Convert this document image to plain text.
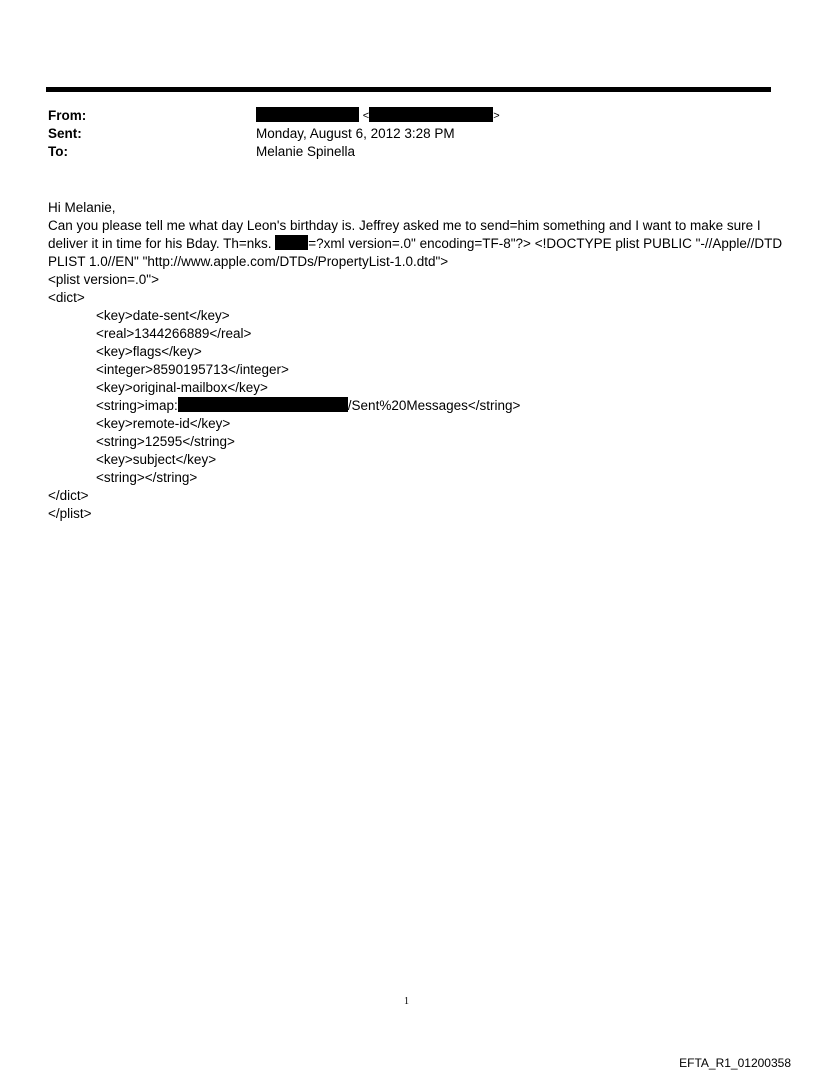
From:	<	>
Sent:	Monday, August 6, 2012 3:28 PM
To:	Melanie Spinella
Hi Melanie,
Can you please tell me what day Leon's birthday is. Jeffrey asked me to send=him something and I want to make sure I
deliver it in time for his Bday. Th=nks. =?xml version=.0" encoding=TF-8"?> <!DOCTYPE plist PUBLIC "-//Apple//DTD
PLIST 1.0//EN" "http://www.apple.com/DTDs/PropertyList-1.0.dtd">
<plist version=.0">
<dict>
<key>date-sent</key>
<real>1344266889</real>
<key>flags</key>
<integer>8590195713</integer>
<key>original-mailbox</key>
<string>imap:	/Sent%20Messages</string>
<key>remote-id</key>
<string>12595</string>
<key>subject</key>
<string></string>
</dict>
</plist>
1
EFTA_R1_01200358
